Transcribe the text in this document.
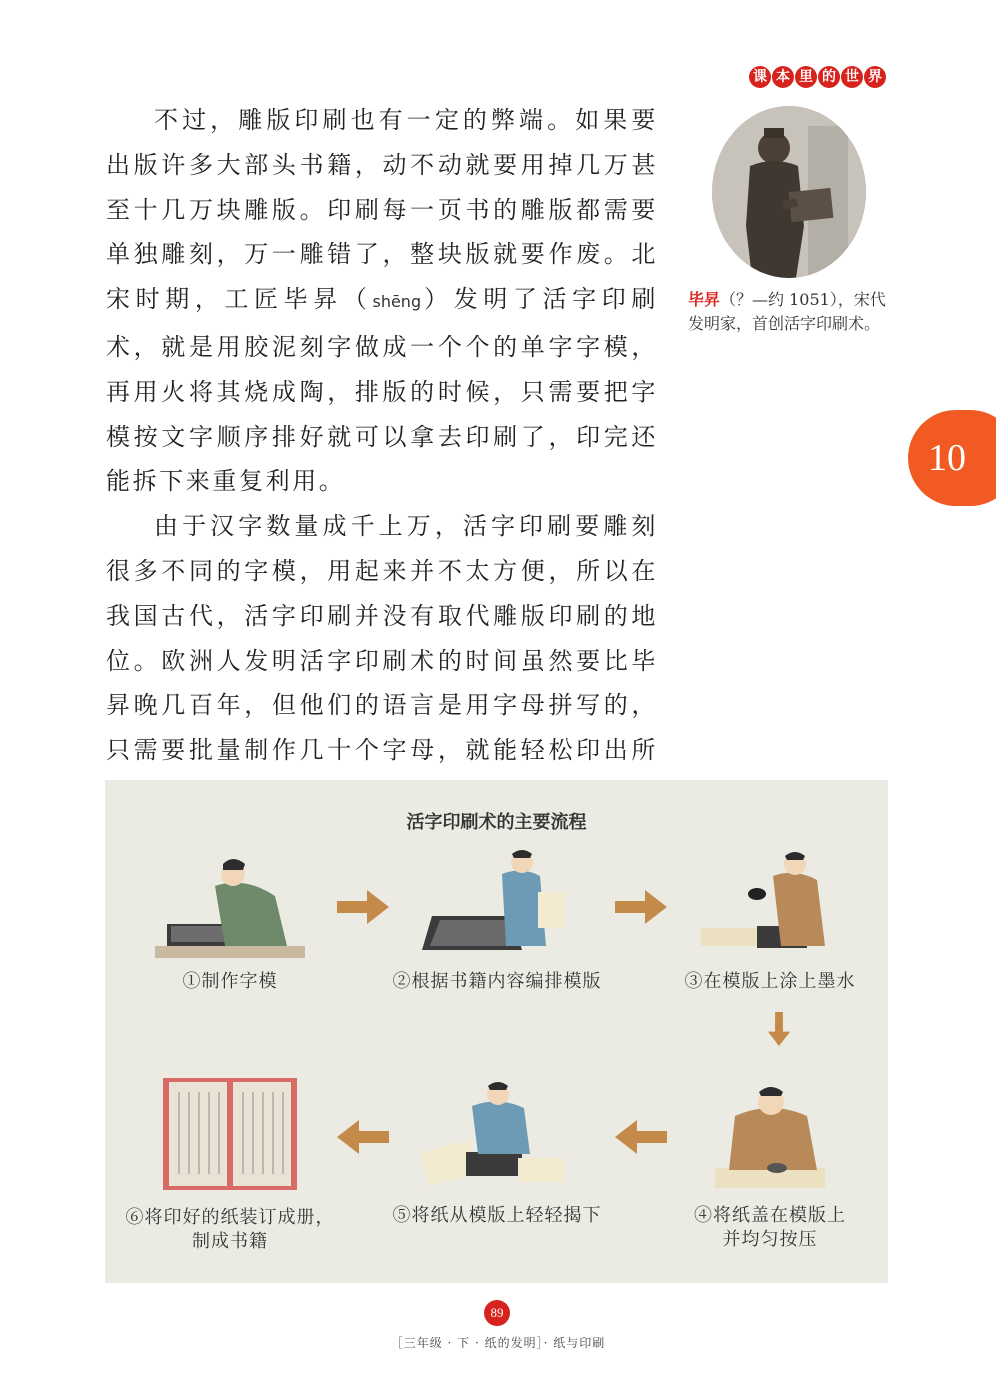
课 本 里 的 世 界

不过，雕版印刷也有一定的弊端。如果要出版许多大部头书籍，动不动就要用掉几万甚至十几万块雕版。印刷每一页书的雕版都需要单独雕刻，万一雕错了，整块版就要作废。北宋时期，工匠毕昇（shēng）发明了活字印刷术，就是用胶泥刻字做成一个个的单字字模，再用火将其烧成陶，排版的时候，只需要把字模按文字顺序排好就可以拿去印刷了，印完还能拆下来重复利用。

由于汉字数量成千上万，活字印刷要雕刻很多不同的字模，用起来并不太方便，所以在我国古代，活字印刷并没有取代雕版印刷的地位。欧洲人发明活字印刷术的时间虽然要比毕昇晚几百年，但他们的语言是用字母拼写的，只需要批量制作几十个字母，就能轻松印出所

毕昇（？—约 1051），宋代发明家，首创活字印刷术。
10
活字印刷术的主要流程
①制作字模	②根据书籍内容编排模版	③在模版上涂上墨水
④将纸盖在模版上
并均匀按压
⑤将纸从模版上轻轻揭下
⑥将印好的纸装订成册，
制成书籍
89
［三年级 · 下 · 纸的发明］· 纸与印刷
